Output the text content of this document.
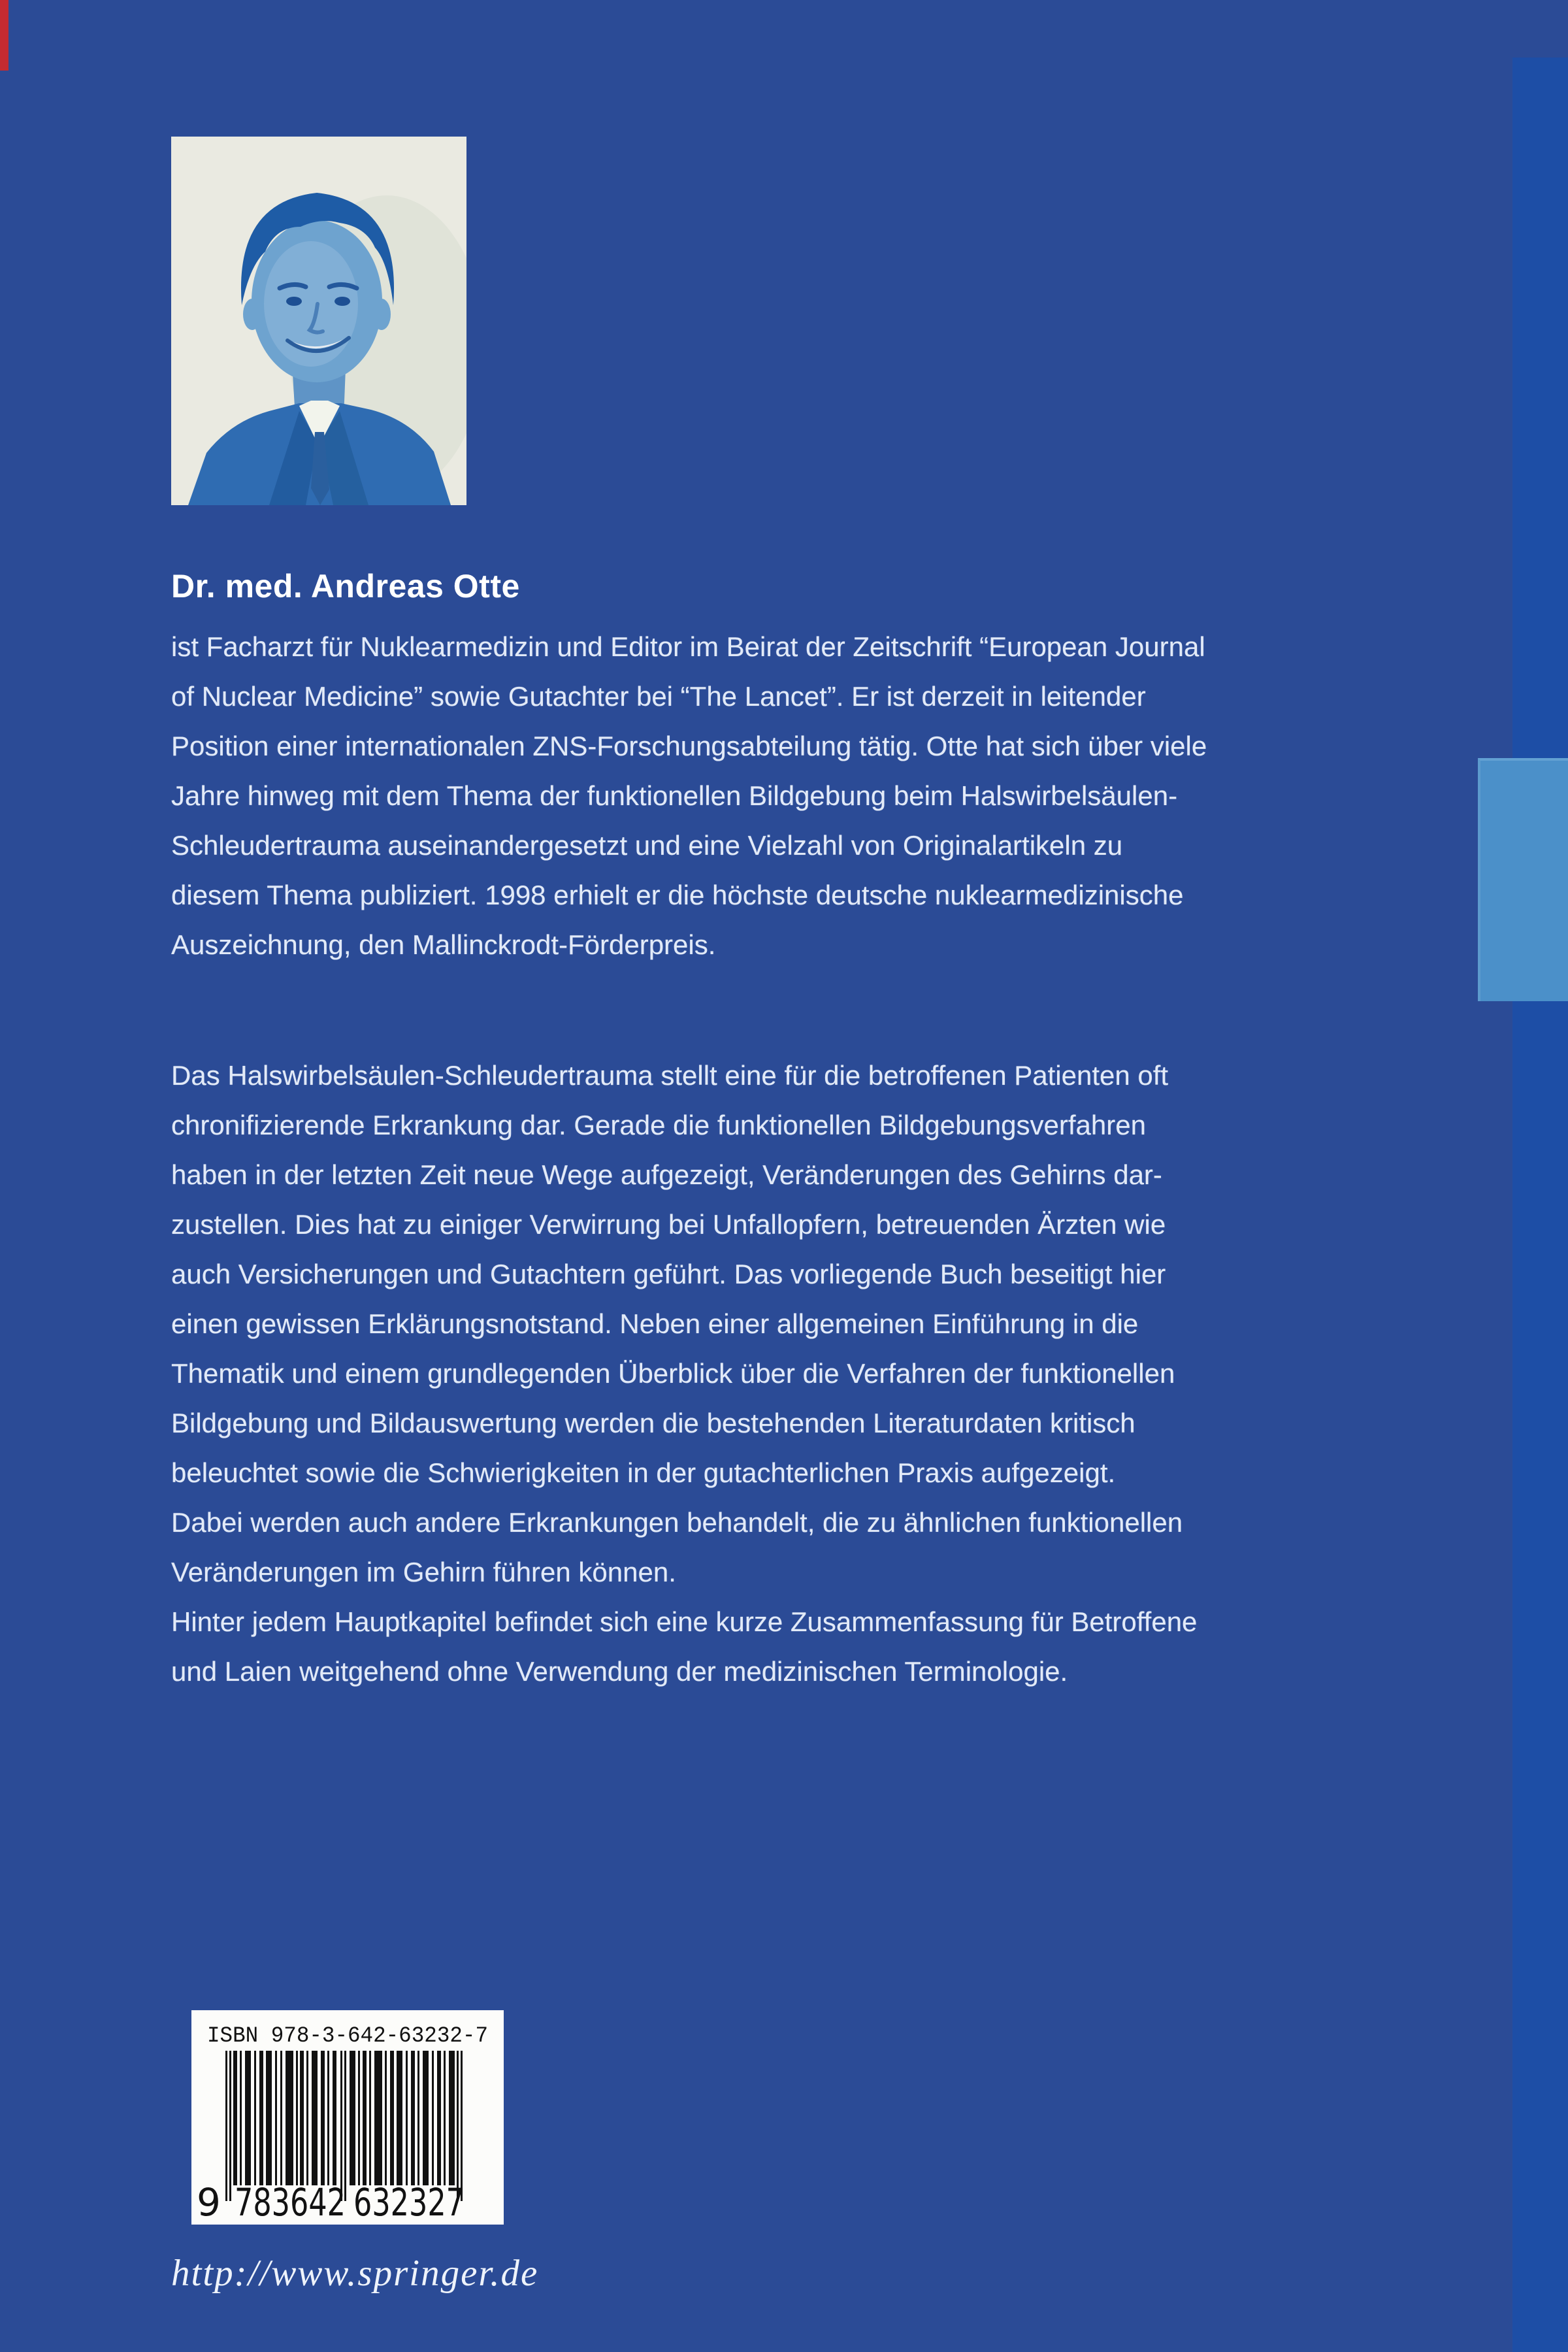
Dr. med. Andreas Otte
ist Facharzt für Nuklearmedizin und Editor im Beirat der Zeitschrift “European Journal
of Nuclear Medicine” sowie Gutachter bei “The Lancet”. Er ist derzeit in leitender
Position einer internationalen ZNS-Forschungsabteilung tätig. Otte hat sich über viele
Jahre hinweg mit dem Thema der funktionellen Bildgebung beim Halswirbelsäulen-
Schleudertrauma auseinandergesetzt und eine Vielzahl von Originalartikeln zu
diesem Thema publiziert. 1998 erhielt er die höchste deutsche nuklearmedizinische
Auszeichnung, den Mallinckrodt-Förderpreis.
Das Halswirbelsäulen-Schleudertrauma stellt eine für die betroffenen Patienten oft
chronifizierende Erkrankung dar. Gerade die funktionellen Bildgebungsverfahren
haben in der letzten Zeit neue Wege aufgezeigt, Veränderungen des Gehirns dar-
zustellen. Dies hat zu einiger Verwirrung bei Unfallopfern, betreuenden Ärzten wie
auch Versicherungen und Gutachtern geführt. Das vorliegende Buch beseitigt hier
einen gewissen Erklärungsnotstand. Neben einer allgemeinen Einführung in die
Thematik und einem grundlegenden Überblick über die Verfahren der funktionellen
Bildgebung und Bildauswertung werden die bestehenden Literaturdaten kritisch
beleuchtet sowie die Schwierigkeiten in der gutachterlichen Praxis aufgezeigt.
Dabei werden auch andere Erkrankungen behandelt, die zu ähnlichen funktionellen
Veränderungen im Gehirn führen können.
Hinter jedem Hauptkapitel befindet sich eine kurze Zusammenfassung für Betroffene
und Laien weitgehend ohne Verwendung der medizinischen Terminologie.
ISBN 978-3-642-63232-7
9 783642 632327
http://www.springer.de
